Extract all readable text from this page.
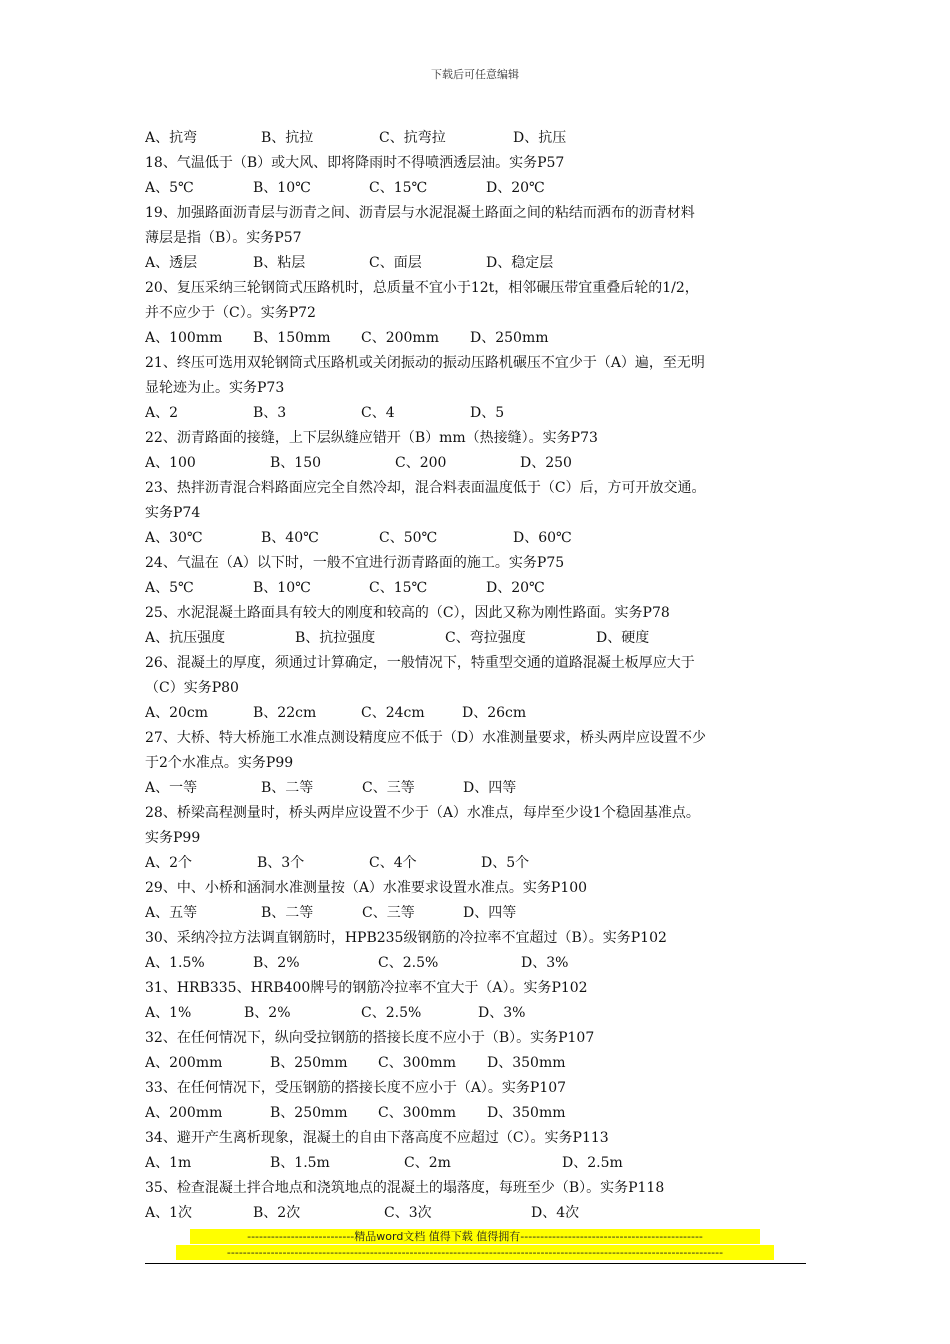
下载后可任意编辑
A、抗弯	B、抗拉	C、抗弯拉	D、抗压
18、气温低于（B）或大风、即将降雨时不得喷洒透层油。实务P57
A、5℃	B、10℃	C、15℃	D、20℃
19、加强路面沥青层与沥青之间、沥青层与水泥混凝土路面之间的粘结而洒布的沥青材料
薄层是指（B）。实务P57
A、透层	B、粘层	C、面层	D、稳定层
20、复压采纳三轮钢筒式压路机时，总质量不宜小于12t，相邻碾压带宜重叠后轮的1/2，
并不应少于（C）。实务P72
A、100mm	B、150mm	C、200mm	D、250mm
21、终压可选用双轮钢筒式压路机或关闭振动的振动压路机碾压不宜少于（A）遍，至无明
显轮迹为止。实务P73
A、2	B、3	C、4	D、5
22、沥青路面的接缝，上下层纵缝应错开（B）mm（热接缝）。实务P73
A、100	B、150	C、200	D、250
23、热拌沥青混合料路面应完全自然冷却，混合料表面温度低于（C）后，方可开放交通。
实务P74
A、30℃	B、40℃	C、50℃	D、60℃
24、气温在（A）以下时，一般不宜进行沥青路面的施工。实务P75
A、5℃	B、10℃	C、15℃	D、20℃
25、水泥混凝土路面具有较大的刚度和较高的（C），因此又称为刚性路面。实务P78
A、抗压强度	B、抗拉强度	C、弯拉强度	D、硬度
26、混凝土的厚度，须通过计算确定，一般情况下，特重型交通的道路混凝土板厚应大于
（C）实务P80
A、20cm	B、22cm	C、24cm	D、26cm
27、大桥、特大桥施工水准点测设精度应不低于（D）水准测量要求，桥头两岸应设置不少
于2个水准点。实务P99
A、一等	B、二等	C、三等	D、四等
28、桥梁高程测量时，桥头两岸应设置不少于（A）水准点，每岸至少设1个稳固基准点。
实务P99
A、2个	B、3个	C、4个	D、5个
29、中、小桥和涵洞水准测量按（A）水准要求设置水准点。实务P100
A、五等	B、二等	C、三等	D、四等
30、采纳冷拉方法调直钢筋时，HPB235级钢筋的冷拉率不宜超过（B）。实务P102
A、1.5%	B、2%	C、2.5%	D、3%
31、HRB335、HRB400牌号的钢筋冷拉率不宜大于（A）。实务P102
A、1%	B、2%	C、2.5%	D、3%
32、在任何情况下，纵向受拉钢筋的搭接长度不应小于（B）。实务P107
A、200mm	B、250mm	C、300mm	D、350mm
33、在任何情况下，受压钢筋的搭接长度不应小于（A）。实务P107
A、200mm	B、250mm	C、300mm	D、350mm
34、避开产生离析现象，混凝土的自由下落高度不应超过（C）。实务P113
A、1m	B、1.5m	C、2m	D、2.5m
35、检查混凝土拌合地点和浇筑地点的混凝土的塌落度，每班至少（B）。实务P118
A、1次	B、2次	C、3次	D、4次
---------------------------精品word文档 值得下载 值得拥有----------------------------------------------
-----------------------------------------------------------------------------------------------------------------------------
